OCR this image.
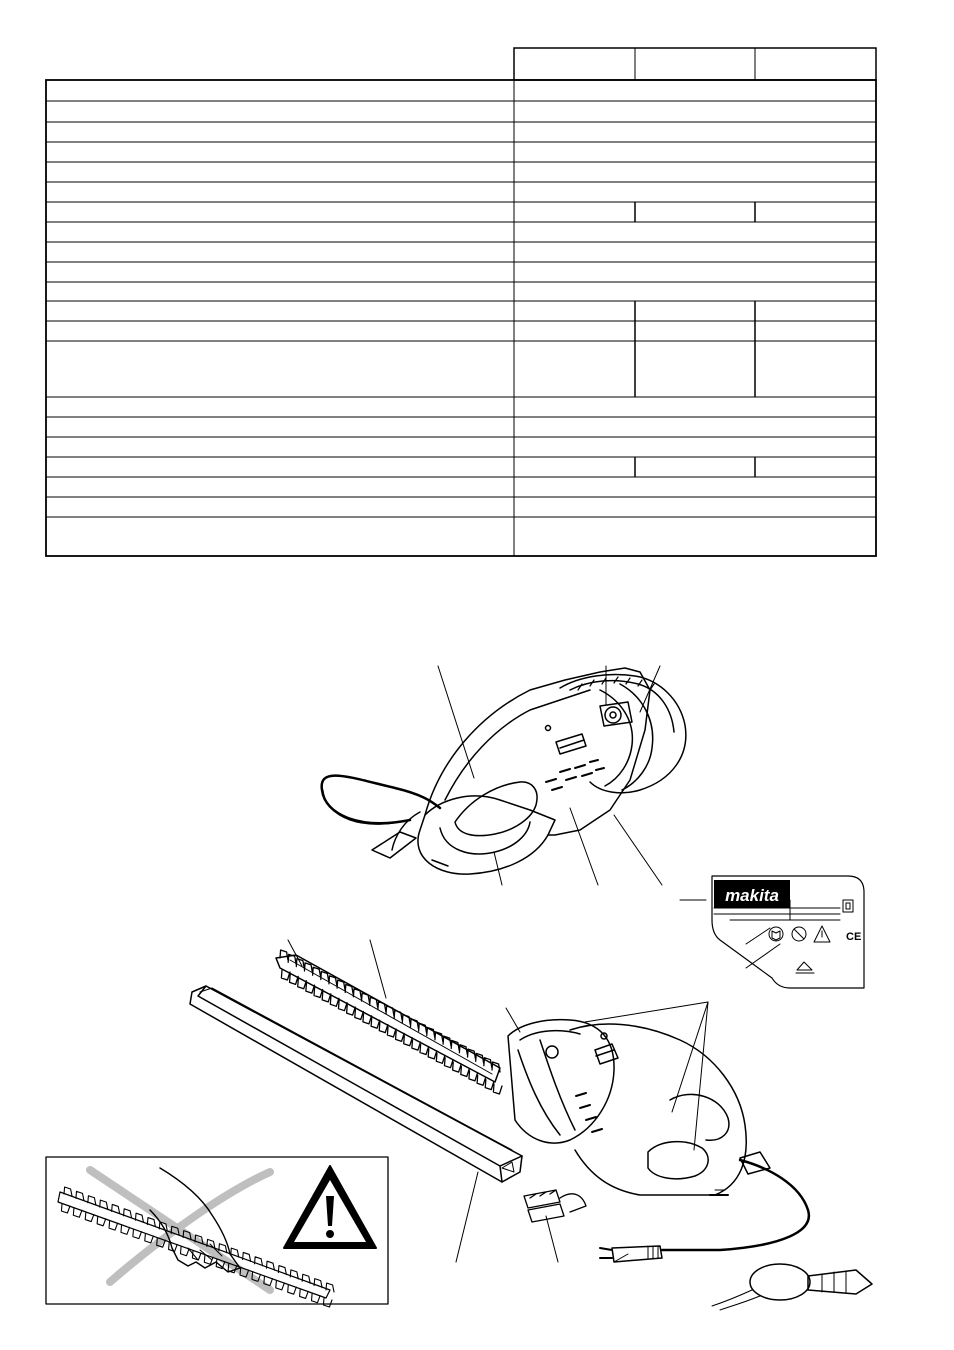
makita
CE
